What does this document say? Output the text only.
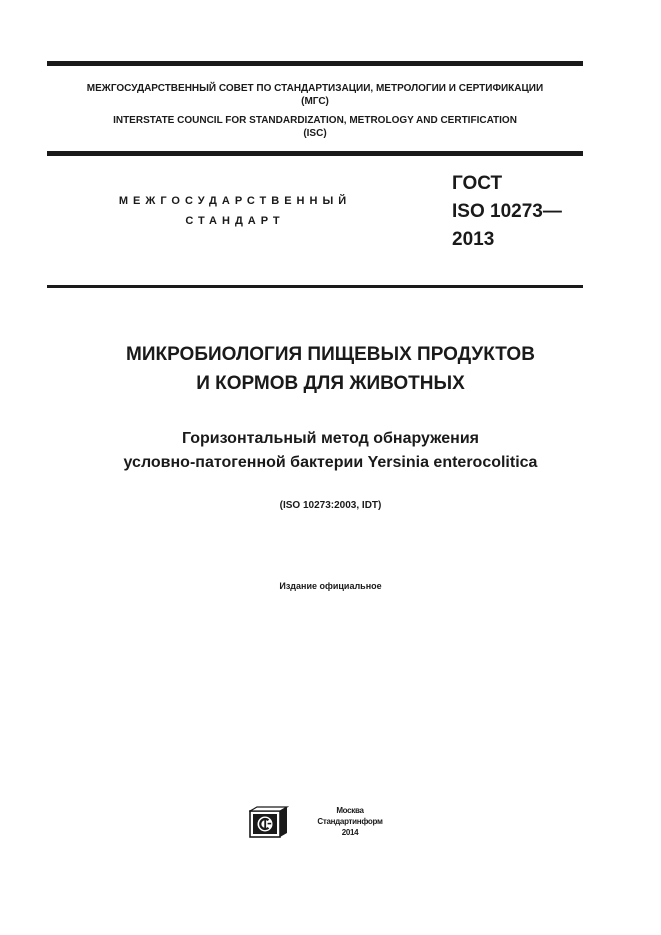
МЕЖГОСУДАРСТВЕННЫЙ СОВЕТ ПО СТАНДАРТИЗАЦИИ, МЕТРОЛОГИИ И СЕРТИФИКАЦИИ
(МГС)
INTERSTATE COUNCIL FOR STANDARDIZATION, METROLOGY AND CERTIFICATION
(ISC)
МЕЖГОСУДАРСТВЕННЫЙ
СТАНДАРТ
ГОСТ
ISO 10273—
2013
МИКРОБИОЛОГИЯ ПИЩЕВЫХ ПРОДУКТОВ
И КОРМОВ ДЛЯ ЖИВОТНЫХ
Горизонтальный метод обнаружения
условно-патогенной бактерии Yersinia enterocolitica
(ISO 10273:2003, IDT)
Издание официальное
Москва
Стандартинформ
2014
